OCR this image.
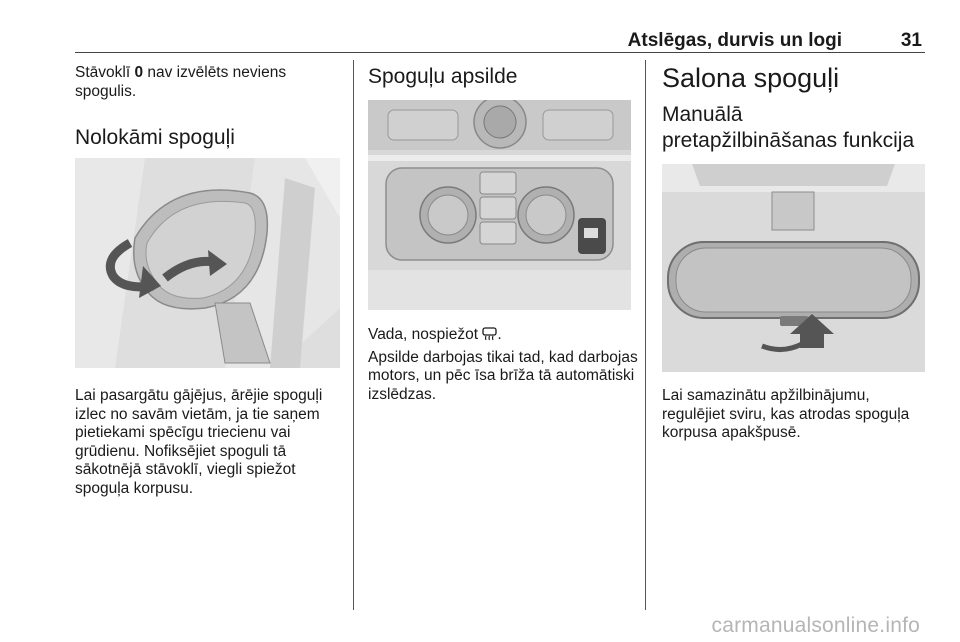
Atslēgas, durvis un logi	31

Stāvoklī 0 nav izvēlēts neviens spogulis.

Nolokāmi spoguļi

Lai pasargātu gājējus, ārējie spoguļi izlec no savām vietām, ja tie saņem pietiekami spēcīgu triecienu vai grūdienu. Nofiksējiet spoguli tā sākotnējā stāvoklī, viegli spiežot spoguļa korpusu.

Spoguļu apsilde

Vada, nospiežot .

Apsilde darbojas tikai tad, kad darbojas motors, un pēc īsa brīža tā automātiski izslēdzas.

Salona spoguļi
Manuālā
pretapžilbināšanas funkcija

Lai samazinātu apžilbinājumu, regulējiet sviru, kas atrodas spoguļa korpusa apakšpusē.

carmanualsonline.info
